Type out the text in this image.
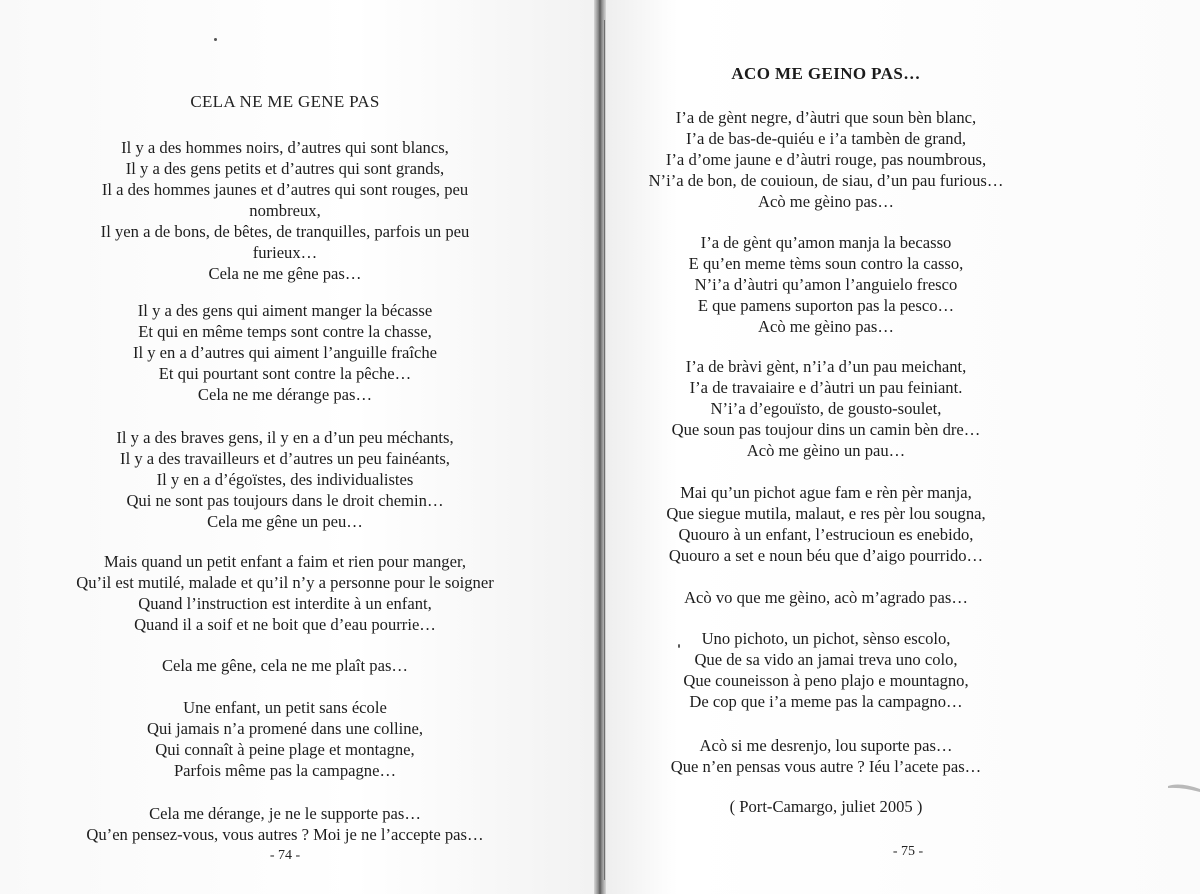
CELA NE ME GENE PAS
Il y a des hommes noirs, d’autres qui sont blancs,
Il y a des gens petits et d’autres qui sont grands,
Il a des hommes jaunes et d’autres qui sont rouges, peu
nombreux,
Il yen a de bons, de bêtes, de tranquilles, parfois un peu
furieux…
Cela ne me gêne pas…
Il y a des gens qui aiment manger la bécasse
Et qui en même temps sont contre la chasse,
Il y en a d’autres qui aiment l’anguille fraîche
Et qui pourtant sont contre la pêche…
Cela ne me dérange pas…
Il y a des braves gens, il y en a d’un peu méchants,
Il y a des travailleurs et d’autres un peu fainéants,
Il y en a d’égoïstes, des individualistes
Qui ne sont pas toujours dans le droit chemin…
Cela me gêne un peu…
Mais quand un petit enfant a faim et rien pour manger,
Qu’il est mutilé, malade et qu’il n’y a personne pour le soigner
Quand l’instruction est interdite à un enfant,
Quand il a soif et ne boit que d’eau pourrie…
Cela me gêne, cela ne me plaît pas…
Une enfant, un petit sans école
Qui jamais n’a promené dans une colline,
Qui connaît à peine plage et montagne,
Parfois même pas la campagne…
Cela me dérange, je ne le supporte pas…
Qu’en pensez-vous, vous autres ? Moi je ne l’accepte pas…
- 74 -
ACO ME GEINO PAS…
I’a de gènt negre, d’àutri que soun bèn blanc,
I’a de bas-de-quiéu e i’a tambèn de grand,
I’a d’ome jaune e d’àutri rouge, pas noumbrous,
N’i’a de bon, de couioun, de siau, d’un pau furious…
Acò me gèino pas…
I’a de gènt qu’amon manja la becasso
E qu’en meme tèms soun contro la casso,
N’i’a d’àutri qu’amon l’anguielo fresco
E que pamens suporton pas la pesco…
Acò me gèino pas…
I’a de bràvi gènt, n’i’a d’un pau meichant,
I’a de travaiaire e d’àutri un pau feiniant.
N’i’a d’egouïsto, de gousto-soulet,
Que soun pas toujour dins un camin bèn dre…
Acò me gèino un pau…
Mai qu’un pichot ague fam e rèn pèr manja,
Que siegue mutila, malaut, e res pèr lou sougna,
Quouro à un enfant, l’estrucioun es enebido,
Quouro a set e noun béu que d’aigo pourrido…
Acò vo que me gèino, acò m’agrado pas…
Uno pichoto, un pichot, sènso escolo,
Que de sa vido an jamai treva uno colo,
Que couneisson à peno plajo e mountagno,
De cop que i’a meme pas la campagno…
Acò si me desrenjo, lou suporte pas…
Que n’en pensas vous autre ? Iéu l’acete pas…
( Port-Camargo, juliet 2005 )
- 75 -
